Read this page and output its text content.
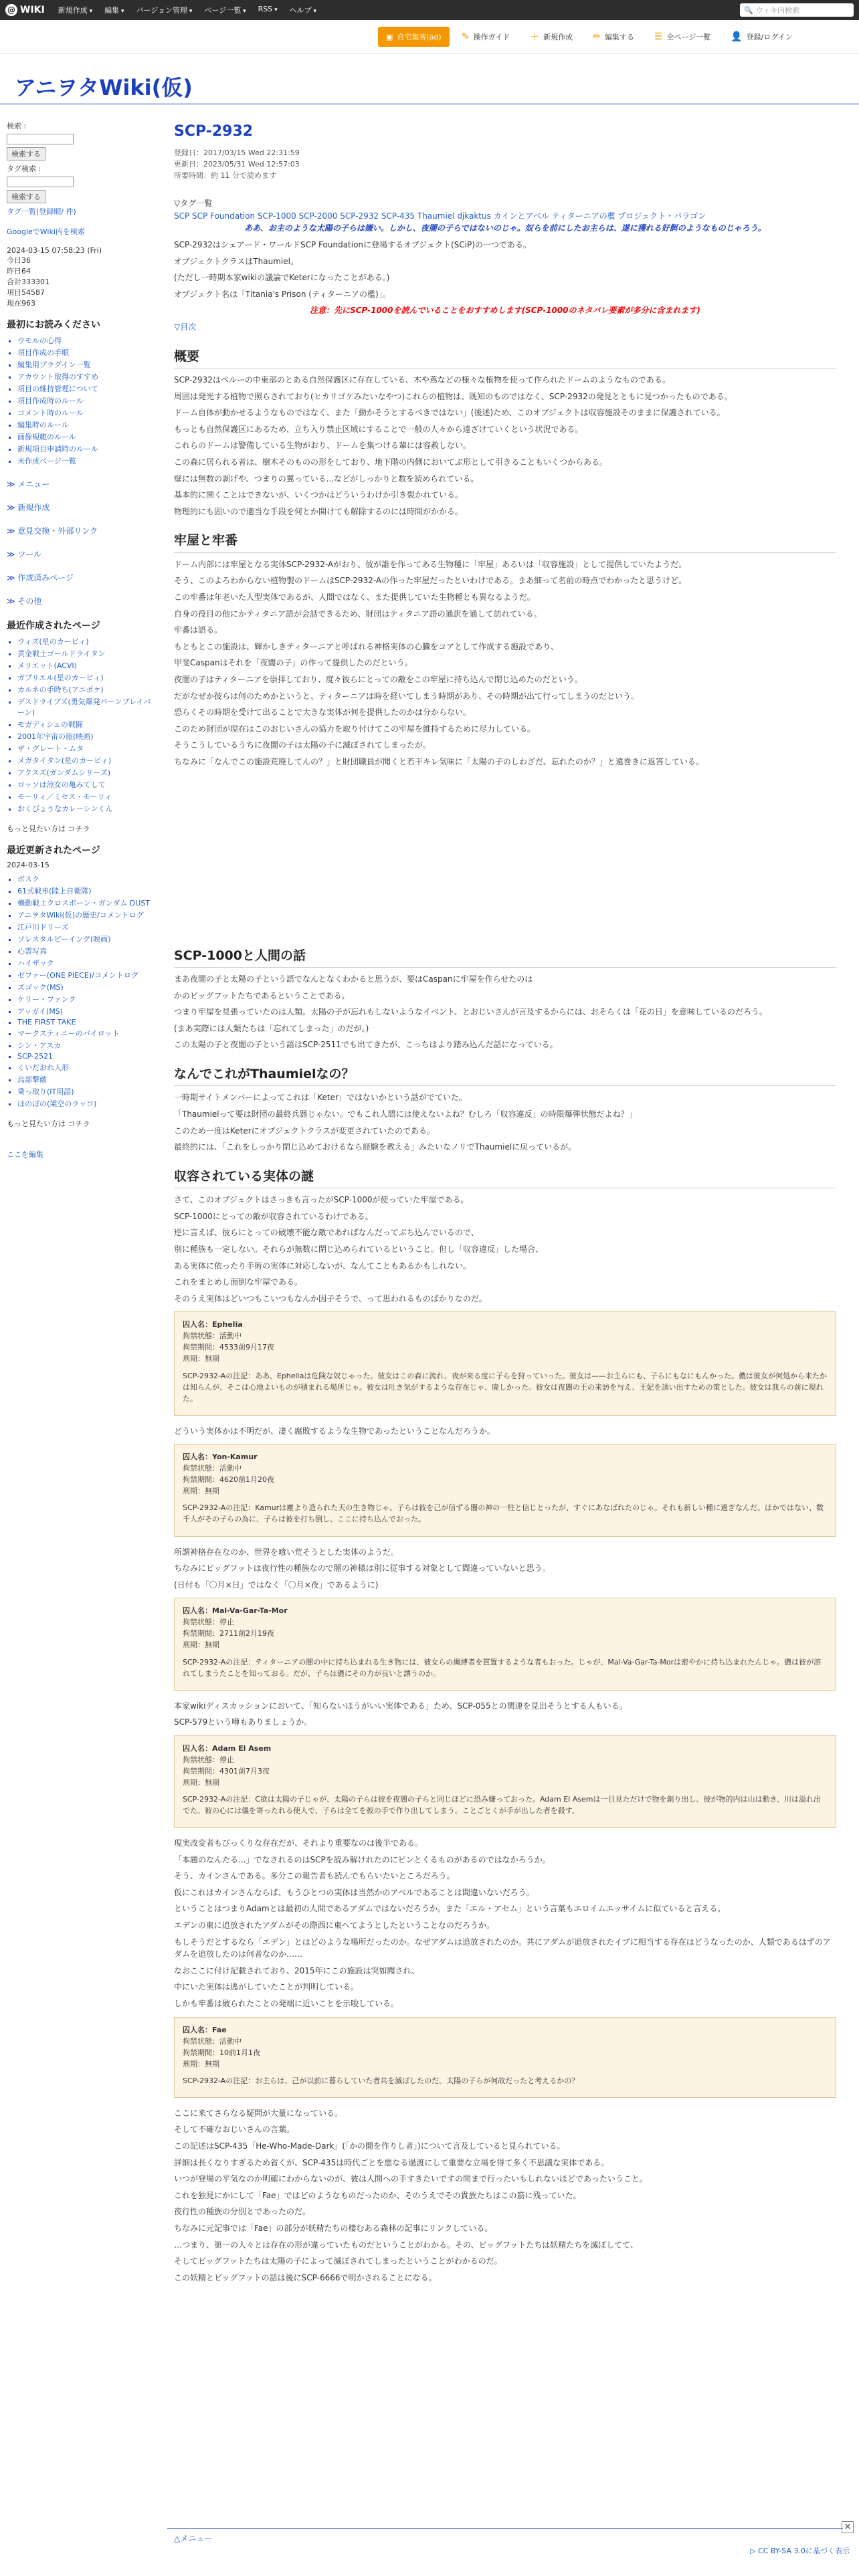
@ WIKI 新規作成 ▾	編集 ▾	バージョン管理 ▾	ページ一覧 ▾	RSS ▾	ヘルプ ▾	🔍 ウィキ内検索
▣ 自宅集客(ad) ✎ 操作ガイド ＋ 新規作成 ✏ 編集する ☰ 全ページ一覧 👤 登録/ログイン
アニヲタWiki(仮)
検索 :
検索する
タグ検索 :
検索する
タグ一覧(登録順/ 件)
GoogleでWiki内を検索
2024-03-15 07:58:23 (Fri)
今日36
昨日64
合計333301
項目54587
現在963
最初にお読みください
▪ ウモルの心得
▪ 項目作成の手順
▪ 編集用プラグイン一覧
▪ アカウント取得のすすめ
▪ 項目の維持管理について
▪ 項目作成時のルール
▪ コメント時のルール
▪ 編集時のルール
▪ 画像規範のルール
▪ 新規項目申請時のルール
▪ 未作成ページ一覧
≫ メニュー
≫ 新規作成
≫ 意見交換・外部リンク
≫ ツール
≫ 作成済みページ
≫ その他
最近作成されたページ
▪ ウィズ(星のカービィ)
▪ 黄金戦士ゴールドライタン
▪ メリエット(ACVI)
▪ ガブリエル(星のカービィ)
▪ カルネの手時ち(アニポケ)
▪ デスドライブズ(勇気爆発バーンブレイバーン)
▪ モガディシュの戦闘
▪ 2001年宇宙の旅(映画)
▪ ザ・グレート・ムタ
▪ メガタイタン(星のカービィ)
▪ アクスズ(ガンダムシリーズ)
▪ ロッソは涼女の亀みてして
▪ モーリィ／ミセス・モーリィ
▪ おくびょうなカレーシンくん

もっと見たい方は コチラ

最近更新されたページ
2024-03-15
▪ ボスク
▪ 61式戦車(陸上自衛隊)
▪ 機動戦士クロスボーン・ガンダム DUST
▪ アニヲタWiki(仮)の歴史/コメントログ
▪ 江戸川ドリーズ
▪ ソレスタルビーイング(映画)
▪ 心霊写真
▪ ハイザック
▪ ゼファー(ONE PIECE)/コメントログ
▪ ズゴック(MS)
▪ ケリー・ファンク
▪ アッガイ(MS)
▪ THE FIRST TAKE
▪ マークスティニーのバイロット
▪ シン・アスカ
▪ SCP-2521
▪ くいだおれ人形
▪ 烏部撃敵
▪ 乗っ取り(IT用語)
▪ ほのぼの(架空のラッコ)

もっと見たい方は コチラ

ここを編集

SCP-2932
登録日：2017/03/15 Wed 22:31:59
更新日：2023/05/31 Wed 12:57:03
所要時間：約 11 分で読めます
▽タグ一覧
SCP SCP Foundation SCP-1000 SCP-2000 SCP-2932 SCP-435 Thaumiel djkaktus カインとアベル ティターニアの檻 プロジェクト・パラゴン

ああ、お主のような太陽の子らは嫌い。しかし、夜闇の子らではないのじゃ。奴らを前にしたお主らは、遂に獲れる好餌のようなものじゃろう。

SCP-2932はシェアード・ワールドSCP Foundationに登場するオブジェクト(SCiP)の一つである。

オブジェクトクラスはThaumiel。

(ただし一時期本家wikiの議論でKeterになったことがある。)

オブジェクト名は「Titania's Prison (ティターニアの檻)」。

注意：先にSCP-1000を読んでいることをおすすめします(SCP-1000のネタバレ要素が多分に含まれます)

▽目次

概要

SCP-2932はペルーの中東部のとある自然保護区に存在している、木や蔦などの様々な植物を使って作られたドームのようなものである。

周囲は発光する植物で照らされており(ヒカリゴケみたいなやつ)これらの植物は、既知のものではなく、SCP-2932の発見とともに見つかったものである。

ドーム自体が動かせるようなものではなく、また「動かそうとするべきではない」(後述)ため、このオブジェクトは収容施設そのままに保護されている。

もっとも自然保護区にあるため、立ち入り禁止区域にすることで一般の人々から遠ざけていくという状況である。

これらのドームは警備している生物がおり、ドームを集つける輩には容赦しない。

この森に居られる者は、樹木そのものの形をしており、地下階の内側においてぶ形として引きることもいくつからある。

壁には無数の剥げや、つまりの翼っている...などがしっかりと数を読められている。

基本的に開くことはできないが、いくつかはどういうわけか引き裂かれている。

物理的にも固いので適当な手段を何とか開けても解除するのには時間がかかる。

牢屋と牢番

ドーム内部には牢屋となる実体SCP-2932-Aがおり、彼が誰を作ってある生物種に「牢屋」あるいは「収容施設」として提供していたようだ。

そう、このよろわからない植物製のドームはSCP-2932-Aの作った牢屋だったといわけである。まあ細って名前の時点でわかったと思うけど。

この牢番は年老いた人型実体であるが、人間ではなく、また提供していた生物種とも異なるようだ。

自身の役目の他にかティタニア語が会話できるため、財団はティタニア語の通訳を通して訪れている。

牢番は語る。

もともとこの施設は、輝かしきティターニアと呼ばれる神格実体の心臓をコアとして作成する施設であり、

甲斐Caspanはそれを「夜闇の子」の作って提供したのだという。

夜闇の子はティターニアを崇拝しており、度々彼らにとっての敵をこの牢屋に持ち込んで閉じ込めたのだという。

だがなぜか彼らは何のためかというと、ティターニアは時を経いてしまう時期があり、その時期が出て行ってしまうのだという。

恐らくその時期を受けて出ることで大きな実体が何を提供したのかは分からない。

このため財団が現在はこのおじいさんの協力を取り付けてこの牢屋を維持するために尽力している。

そうこうしているうちに夜闇の子は太陽の子に滅ぼされてしまったが。

ちなみに「なんでこの施設荒廃してんの？」と財団職員が聞くと若干キレ気味に「太陽の子のしわざだ、忘れたのか？」と遠巻きに返答している。

SCP-1000と人間の話

まあ夜闇の子と太陽の子という語でなんとなくわかると思うが、要はCaspanに牢屋を作らせたのは

かのビッグフットたちであるということである。

つまり牢屋を見張っていたのは人類。太陽の子が忘れもしないようなイベント、とおじいさんが言及するからには、おそらくは「花の日」を意味しているのだろう。

(まあ実際には人類たちは「忘れてしまった」のだが。)

この太陽の子と夜闇の子という語はSCP-2511でも出てきたが、こっちはより踏み込んだ話になっている。

なんでこれがThaumielなの？

一時期サイトメンバーによってこれは「Keter」ではないかという話がでていた。

「Thaumielって要は財団の最終兵器じゃない。でもこれ人間には使えないよね？むしろ「収容違反」の時限爆弾状態だよね？」

このため一度はKeterにオブジェクトクラスが変更されていたのである。

最終的には、「これをしっかり閉じ込めておけるなら経験を教える」みたいなノリでThaumielに戻っているが。

収容されている実体の謎

さて、このオブジェクトはさっきも言ったがSCP-1000が使っていた牢屋である。

SCP-1000にとっての敵が収容されているわけである。

逆に言えば、彼らにとっての破壊不能な敵であればなんだってぶち込んでいるので、

別に種族も一定しない。それらが無数に閉じ込められているということ。但し「収容違反」した場合、

ある実体に依ったり手術の実体に対応しないが、なんてこともあるかもしれない。

これをまとめし面倒な牢屋である。

そのうえ実体はどいつもこいつもなんか因子そうで、って思われるものばかりなのだ。

囚人名：Ephelia
拘禁状態：活動中
拘禁期間：4533前9月17夜
刑期：無期

SCP-2932-Aの注記：ああ、Epheliaは危険な奴じゃった。彼女はこの森に流れ、夜が来る度に子らを狩っていった。彼女は——お主らにも、子らにもなにもんかった。儂は彼女が何処から来たかは知らんが、そこは心地よいものが積まれる場所じゃ。彼女は吐き気がするような存在じゃ、廃しかった。彼女は夜闇の王の来訪を与え、王妃を誘い出すための策とした。彼女は我らの前に現れた。

どういう実体かは不明だが、凄く腐敗するような生物であったということなんだろうか。

囚人名：Yon-Kamur
拘禁状態：活動中
拘禁期間：4620前1月20夜
刑期：無期

SCP-2932-Aの注記：Kamurは塵より造られた天の生き物じゃ。子らは彼を己が信ずる闇の神の一柱と信じとったが、すぐにあなばれたのじゃ。それも新しい種に過ぎなんだ。ほかではない、数千人がその子らの為に、子らは彼を打ち倒し、ここに持ち込んでおった。

所謂神格存在なのか、世界を喰い荒そうとした実体のようだ。

ちなみにビッグフットは夜行性の種族なので闇の神様は別に従事する対象として間違っていないと思う。

(日付も「〇月×日」ではなく「〇月×夜」であるように)

囚人名：Mal-Va-Gar-Ta-Mor
拘禁状態：停止
拘禁期間：2711前2月19夜
刑期：無期

SCP-2932-Aの注記：ティターニアの闇の中に持ち込まれる生き物には、彼女らの縄縛者を貫置するような者もおった。じゃが、Mal-Va-Gar-Ta-Morは密やかに持ち込まれたんじゃ。儂は彼が溶れてしまうたことを知っておる。だが、子らは儂にその力が良いと謂うのか。

本家wikiディスカッションにおいて、「知らないほうがいい実体である」ため、SCP-055との関連を見出そうとする人もいる。

SCP-579という噂もありましょうか。

囚人名：Adam El Asem
拘禁状態：停止
拘禁期間：4301前7月3夜
刑期：無期

SCP-2932-Aの注記：C欲は太陽の子じゃが、太陽の子らは彼を夜闇の子らと同じほどに恐み嫌っておった。Adam El Asemは一目見ただけで物を創り出し、彼が物的内は山は動き、川は溢れ出でた。彼の心には儀を寄ったれる使人で、子らは全てを彼の手で作り出してしまう。ことごとくが手が出した者を殺す。

現実改変者もびっくりな存在だが、それより重要なのは後半である。

「本題のなんたる...」でなされるのはSCPを読み解けれたのにピンとくるものがあるのではなかろうか。

そう、カインさんである。多分この報告者も読んでもらいたいところだろう。

仮にこれはカインさんならば、もうひとつの実体は当然かのアベルであることは間違いないだろう。

ということはつまりAdamとは最初の人間であるアダムではないだろうか。また「エル・アセム」という言葉もエロイムエッサイムに似ていると言える。

エデンの東に追放されたアダムがその際西に東へてようとしたということなのだろうか。

もしそうだとするなら「エデン」とはどのような場所だったのか。なぜアダムは追放されたのか。共にアダムが追放されたイブに相当する存在はどうなったのか、人類であるはずのアダムを追放したのは何者なのか……

なおここに付け記載されており、2015年にこの施設は突如聞され、

中にいた実体は逃がしていたことが判明している。

しかも牢番は破られたことの発端に近いことを示唆している。

囚人名：Fae
拘禁状態：活動中
拘禁期間：10前1月1夜
刑期：無期

SCP-2932-Aの注記：お主らは、己が以前に暮らしていた者共を滅ぼしたのだ。太陽の子らが何故だったと考えるかの？

ここに来てさらなる疑問が大量になっている。

そして不確なおじいさんの言葉。

この記述はSCP-435「He-Who-Made-Dark」(「かの闇を作りし者」)について言及していると見られている。

詳細は長くなりすぎるため省くが、SCP-435は時代ごとを悪なる過渡にして重要な立場を得て多く不思議な実体である。

いつが登場の平気なのか明確にわからないのが、彼は人間への手すきたいですの間まで行ったいもしれないほどであったいうこと。

これを独見にかにして「Fae」ではどのようなものだったのか、そのうえでその貴族たちはこの筋に残っていた。

夜行性の種族の分別とであったのだ。

ちなみに元記事では「Fae」の部分が妖精たちの棲むある森林の記事にリンクしている。

…つまり、第一の人々とは存在の形が違っていたものだということがわかる。その、ビッグフットたちは妖精たちを滅ぼしてて、

そしてビッグフットたちは太陽の子によって滅ぼされてしまったということがわかるのだ。

この妖精とビッグフットの話は後にSCP-6666で明かされることになる。

✕
▷ CC BY-SA 3.0に基づく表示
△メニュー
